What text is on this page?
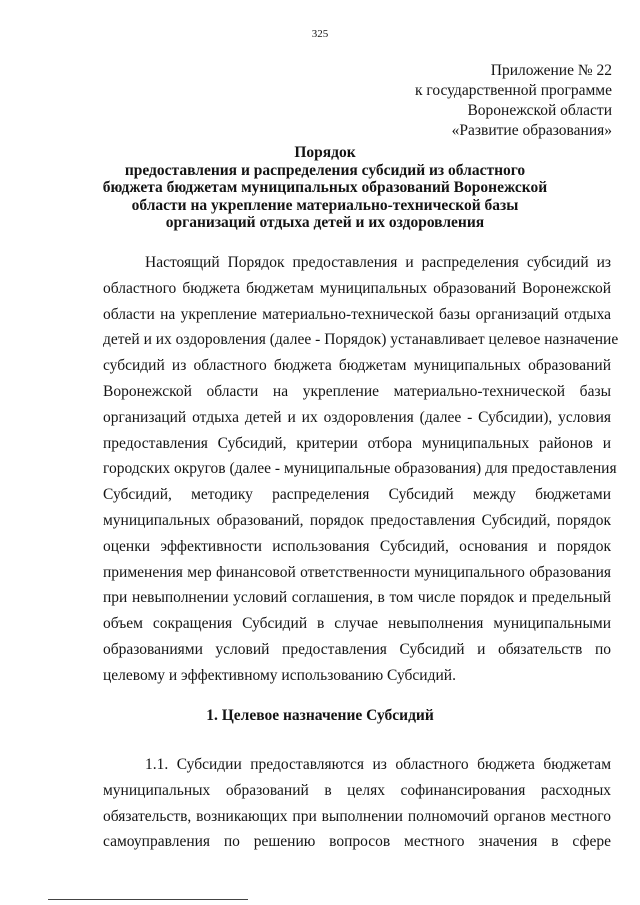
325
Приложение № 22
к государственной программе
Воронежской области
«Развитие образования»
Порядок
предоставления и распределения субсидий из областного
бюджета бюджетам муниципальных образований Воронежской
области на укрепление материально-технической базы
организаций отдыха детей и их оздоровления
Настоящий Порядок предоставления и распределения субсидий из
областного бюджета бюджетам муниципальных образований Воронежской
области на укрепление материально-технической базы организаций отдыха
детей и их оздоровления (далее - Порядок) устанавливает целевое назначение
субсидий из областного бюджета бюджетам муниципальных образований
Воронежской области на укрепление материально-технической базы
организаций отдыха детей и их оздоровления (далее - Субсидии), условия
предоставления Субсидий, критерии отбора муниципальных районов и
городских округов (далее - муниципальные образования) для предоставления
Субсидий, методику распределения Субсидий между бюджетами
муниципальных образований, порядок предоставления Субсидий, порядок
оценки эффективности использования Субсидий, основания и порядок
применения мер финансовой ответственности муниципального образования
при невыполнении условий соглашения, в том числе порядок и предельный
объем сокращения Субсидий в случае невыполнения муниципальными
образованиями условий предоставления Субсидий и обязательств по
целевому и эффективному использованию Субсидий.
1. Целевое назначение Субсидий
1.1. Субсидии предоставляются из областного бюджета бюджетам
муниципальных образований в целях софинансирования расходных
обязательств, возникающих при выполнении полномочий органов местного
самоуправления по решению вопросов местного значения в сфере
